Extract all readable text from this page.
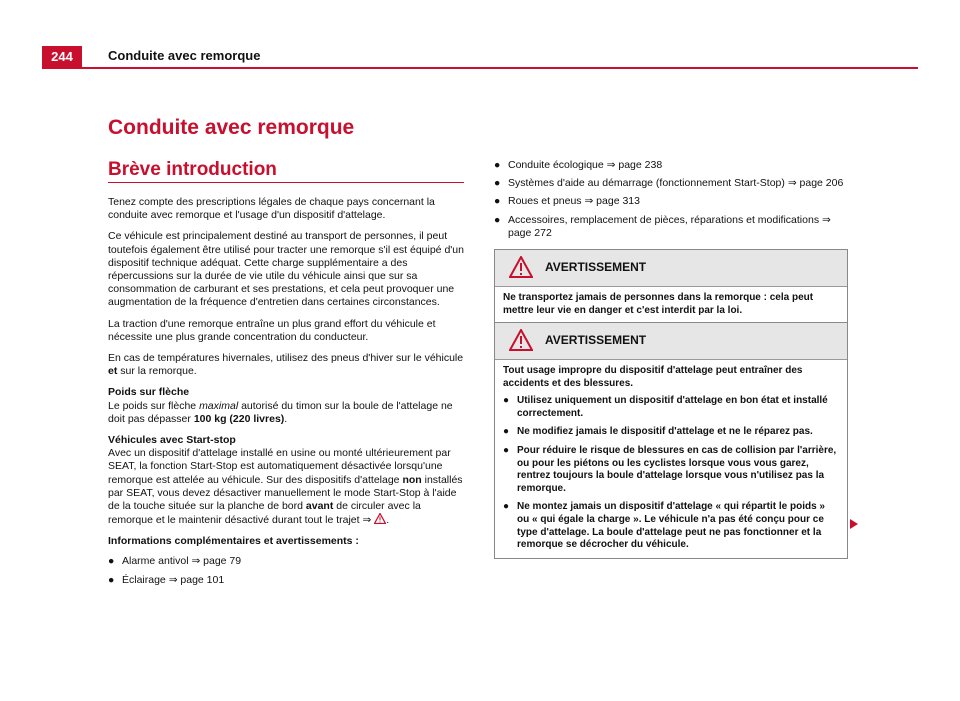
244	Conduite avec remorque
Conduite avec remorque
Brève introduction

Tenez compte des prescriptions légales de chaque pays concernant la conduite avec remorque et l'usage d'un dispositif d'attelage.

Ce véhicule est principalement destiné au transport de personnes, il peut toutefois également être utilisé pour tracter une remorque s'il est équipé d'un dispositif technique adéquat. Cette charge supplémentaire a des répercussions sur la durée de vie utile du véhicule ainsi que sur sa consommation de carburant et ses prestations, et cela peut provoquer une augmentation de la fréquence d'entretien dans certaines circonstances.

La traction d'une remorque entraîne un plus grand effort du véhicule et nécessite une plus grande concentration du conducteur.

En cas de températures hivernales, utilisez des pneus d'hiver sur le véhicule et sur la remorque.

Poids sur flèche

Le poids sur flèche maximal autorisé du timon sur la boule de l'attelage ne doit pas dépasser 100 kg (220 livres).

Véhicules avec Start-stop

Avec un dispositif d'attelage installé en usine ou monté ultérieurement par SEAT, la fonction Start-Stop est automatiquement désactivée lorsqu'une remorque est attelée au véhicule. Sur des dispositifs d'attelage non installés par SEAT, vous devez désactiver manuellement le mode Start-Stop à l'aide de la touche située sur la planche de bord avant de circuler avec la remorque et le maintenir désactivé durant tout le trajet ⇒ .

Informations complémentaires et avertissements :
● Alarme antivol ⇒ page 79
● Éclairage ⇒ page 101
● Conduite écologique ⇒ page 238
● Systèmes d'aide au démarrage (fonctionnement Start-Stop) ⇒ page 206
● Roues et pneus ⇒ page 313
● Accessoires, remplacement de pièces, réparations et modifications ⇒ page 272
AVERTISSEMENT

Ne transportez jamais de personnes dans la remorque : cela peut mettre leur vie en danger et c'est interdit par la loi.

AVERTISSEMENT

Tout usage impropre du dispositif d'attelage peut entraîner des accidents et des blessures.

● Utilisez uniquement un dispositif d'attelage en bon état et installé correctement.
● Ne modifiez jamais le dispositif d'attelage et ne le réparez pas.
● Pour réduire le risque de blessures en cas de collision par l'arrière, ou pour les piétons ou les cyclistes lorsque vous vous garez, rentrez toujours la boule d'attelage lorsque vous n'utilisez pas la remorque.
● Ne montez jamais un dispositif d'attelage « qui répartit le poids » ou « qui égale la charge ». Le véhicule n'a pas été conçu pour ce type d'attelage. La boule d'attelage peut ne pas fonctionner et la remorque se décrocher du véhicule.
